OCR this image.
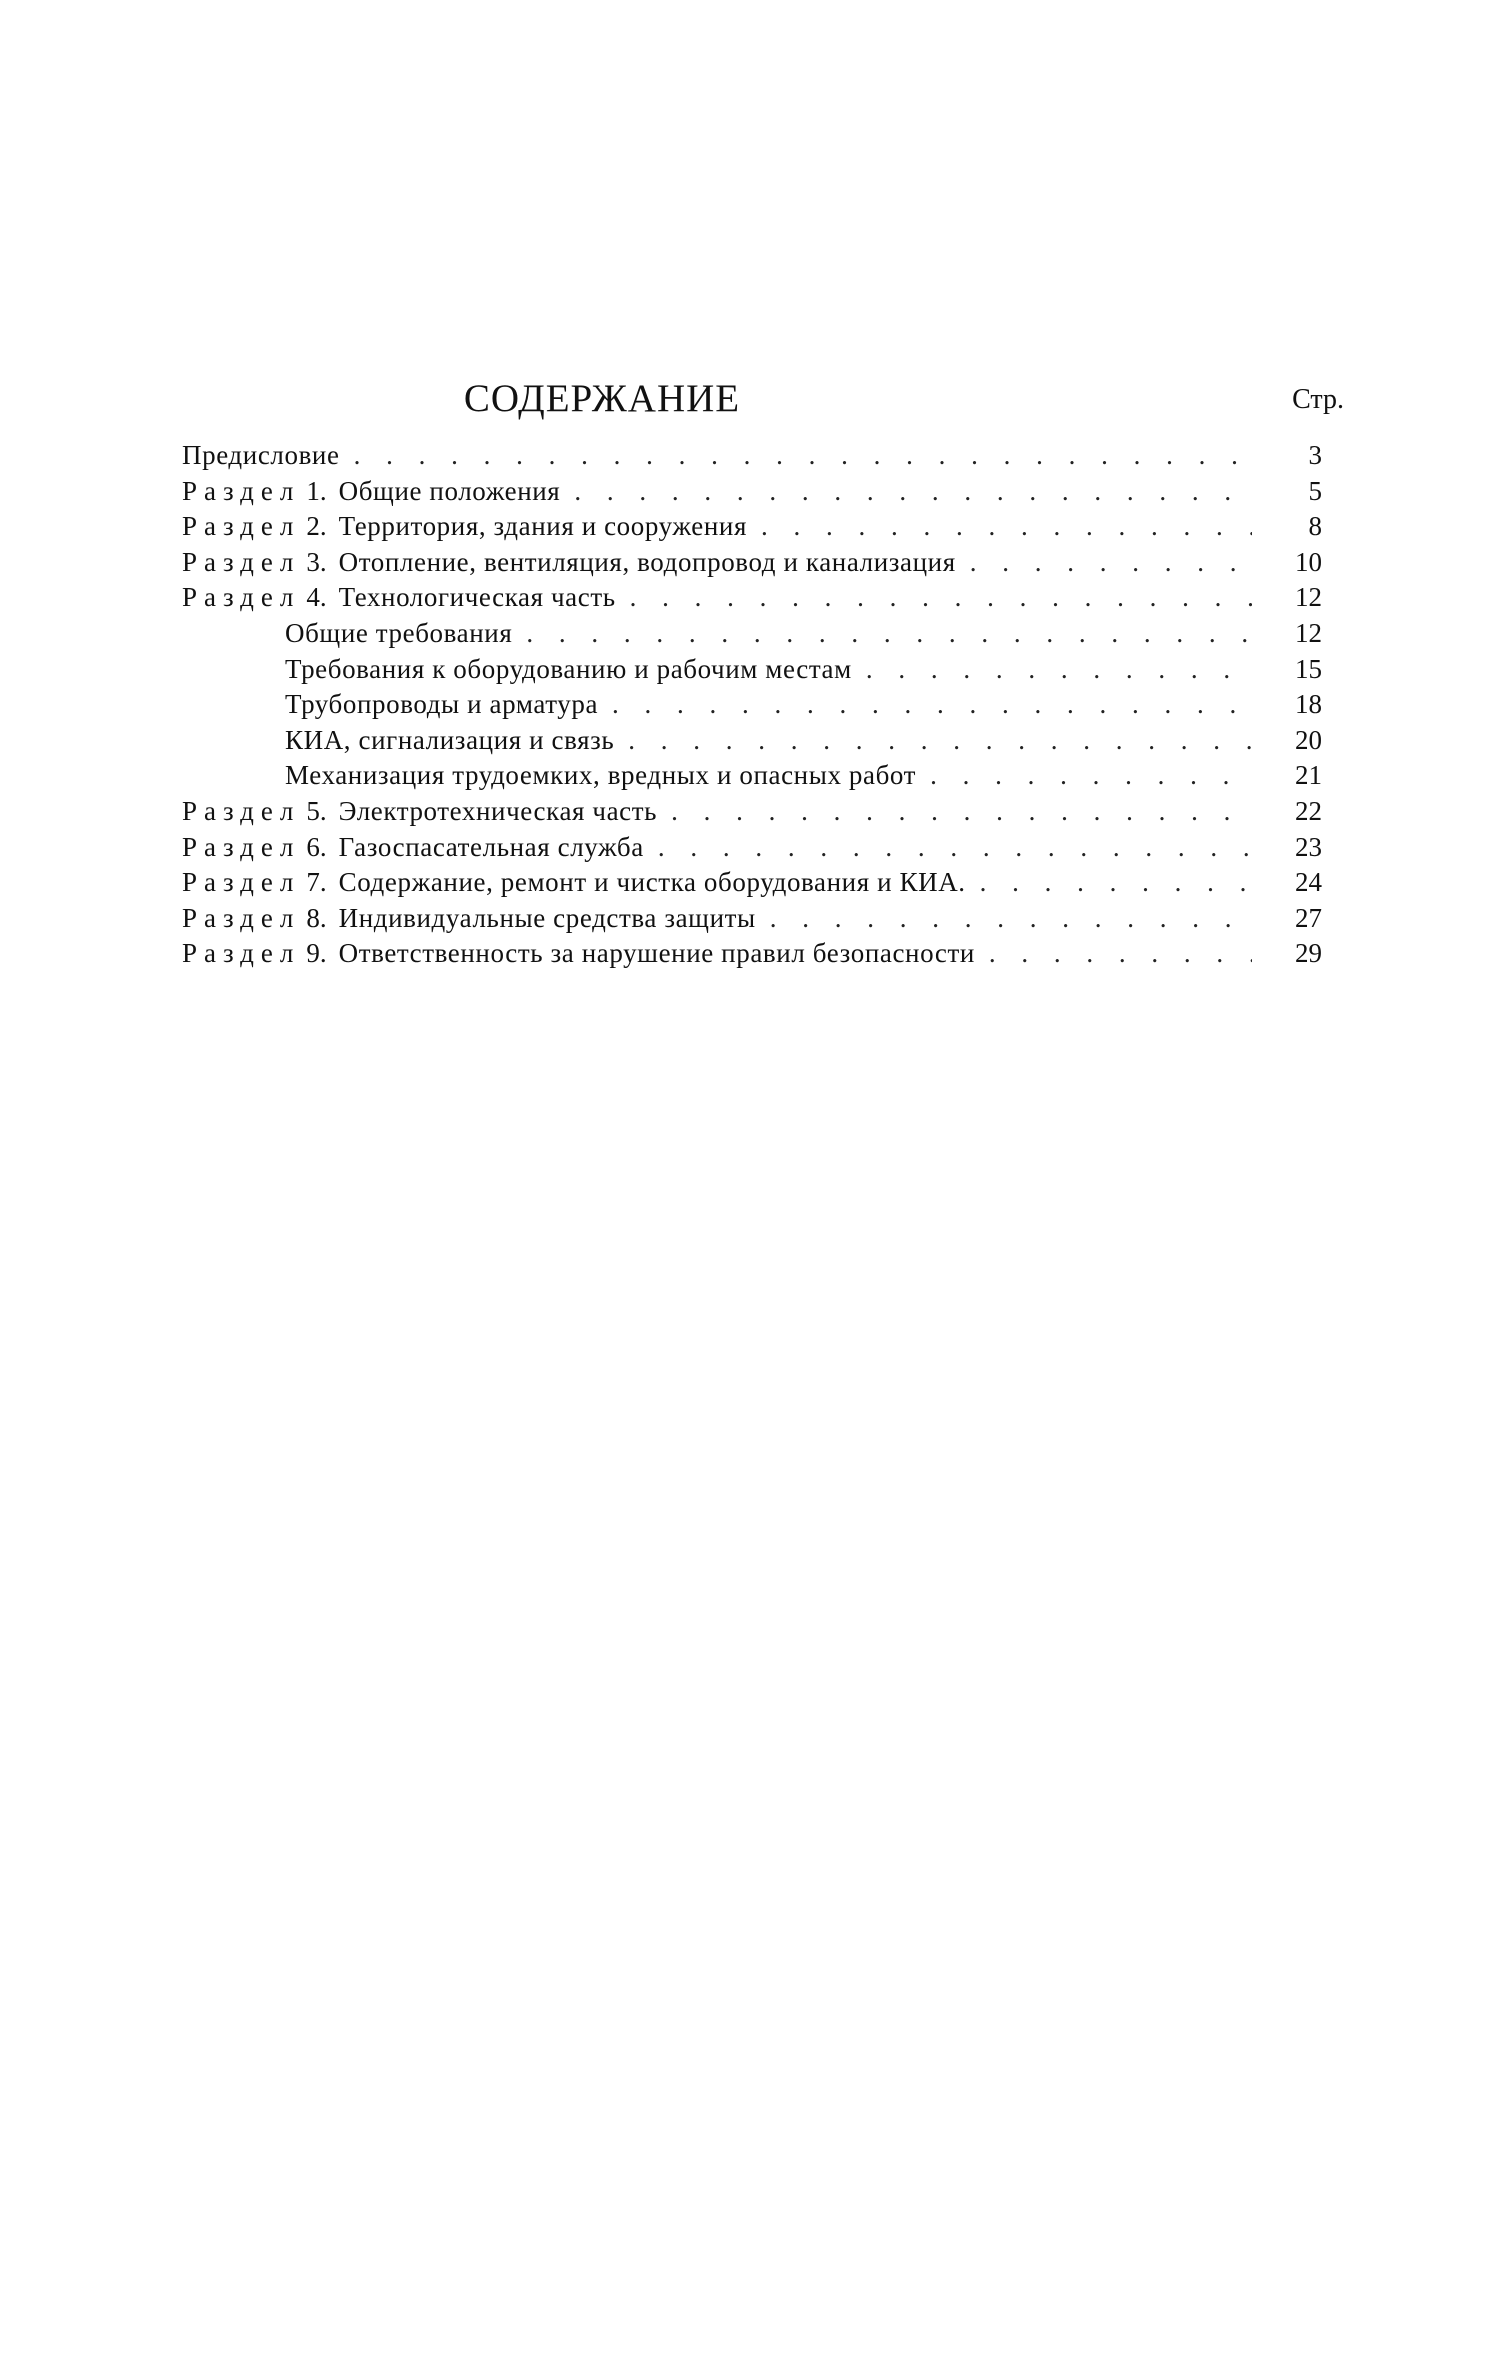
СОДЕРЖАНИЕ	Стр.
Предисловие . . .	3
Раздел 1. Общие положения . . .	5
Раздел 2. Территория, здания и сооружения . . .	8
Раздел 3. Отопление, вентиляция, водопровод и канализация . . .	10
Раздел 4. Технологическая часть . . .	12
Общие требования . . .	12
Требования к оборудованию и рабочим местам . . .	15
Трубопроводы и арматура . . .	18
КИА, сигнализация и связь . . .	20
Механизация трудоемких, вредных и опасных работ . . .	21
Раздел 5. Электротехническая часть . . .	22
Раздел 6. Газоспасательная служба . . .	23
Раздел 7. Содержание, ремонт и чистка оборудования и КИА. . . .	24
Раздел 8. Индивидуальные средства защиты . . .	27
Раздел 9. Ответственность за нарушение правил безопасности . . .	29
